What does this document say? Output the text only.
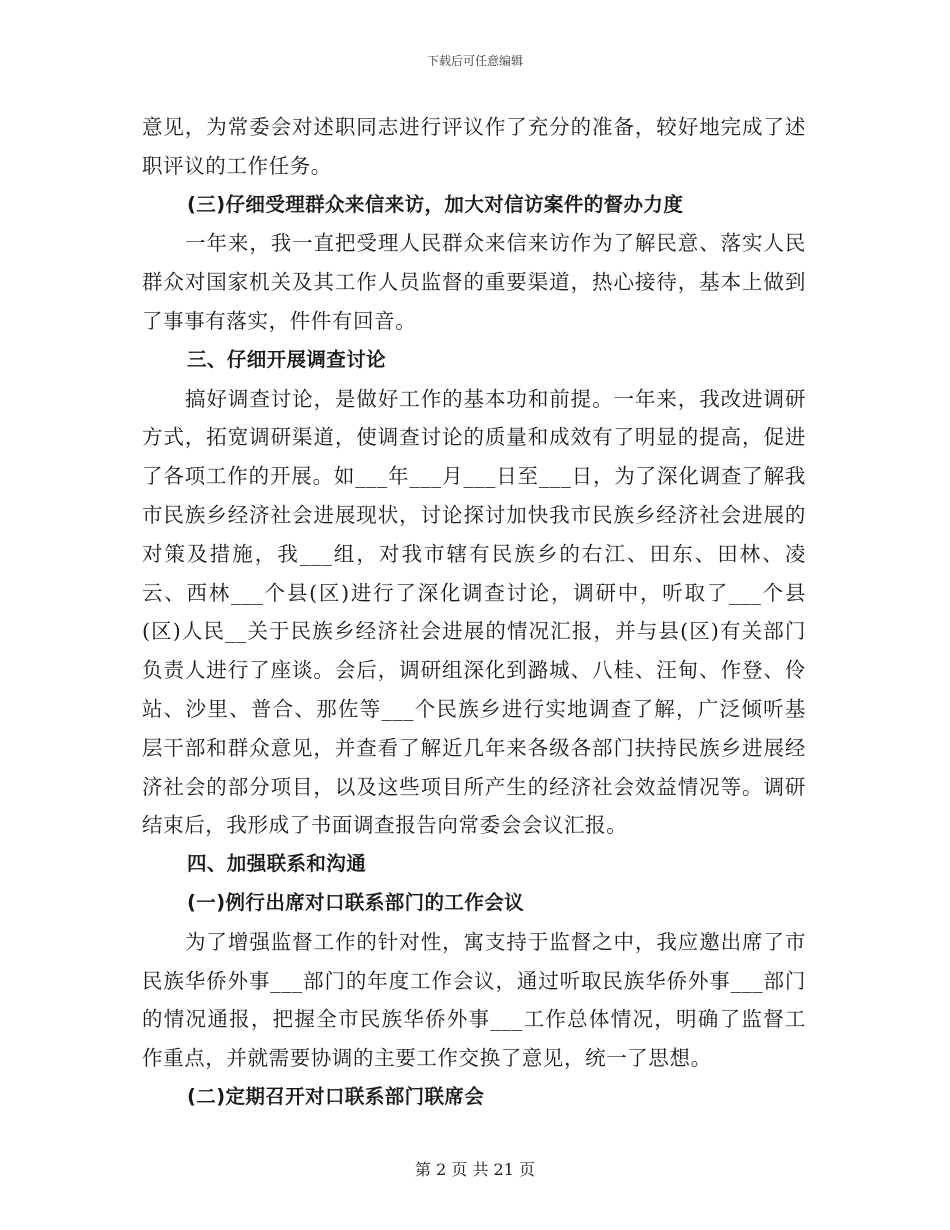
下载后可任意编辑

意见，为常委会对述职同志进行评议作了充分的准备，较好地完成了述职评议的工作任务。

(三)仔细受理群众来信来访，加大对信访案件的督办力度

一年来，我一直把受理人民群众来信来访作为了解民意、落实人民群众对国家机关及其工作人员监督的重要渠道，热心接待，基本上做到了事事有落实，件件有回音。

三、仔细开展调查讨论

搞好调查讨论，是做好工作的基本功和前提。一年来，我改进调研方式，拓宽调研渠道，使调查讨论的质量和成效有了明显的提高，促进了各项工作的开展。如___年___月___日至___日，为了深化调查了解我市民族乡经济社会进展现状，讨论探讨加快我市民族乡经济社会进展的对策及措施，我___组，对我市辖有民族乡的右江、田东、田林、凌云、西林___个县(区)进行了深化调查讨论，调研中，听取了___个县(区)人民__关于民族乡经济社会进展的情况汇报，并与县(区)有关部门负责人进行了座谈。会后，调研组深化到潞城、八桂、汪甸、作登、伶站、沙里、普合、那佐等___个民族乡进行实地调查了解，广泛倾听基层干部和群众意见，并查看了解近几年来各级各部门扶持民族乡进展经济社会的部分项目，以及这些项目所产生的经济社会效益情况等。调研结束后，我形成了书面调查报告向常委会会议汇报。

四、加强联系和沟通

(一)例行出席对口联系部门的工作会议

为了增强监督工作的针对性，寓支持于监督之中，我应邀出席了市民族华侨外事___部门的年度工作会议，通过听取民族华侨外事___部门的情况通报，把握全市民族华侨外事___工作总体情况，明确了监督工作重点，并就需要协调的主要工作交换了意见，统一了思想。

(二)定期召开对口联系部门联席会

第 2 页 共 21 页
